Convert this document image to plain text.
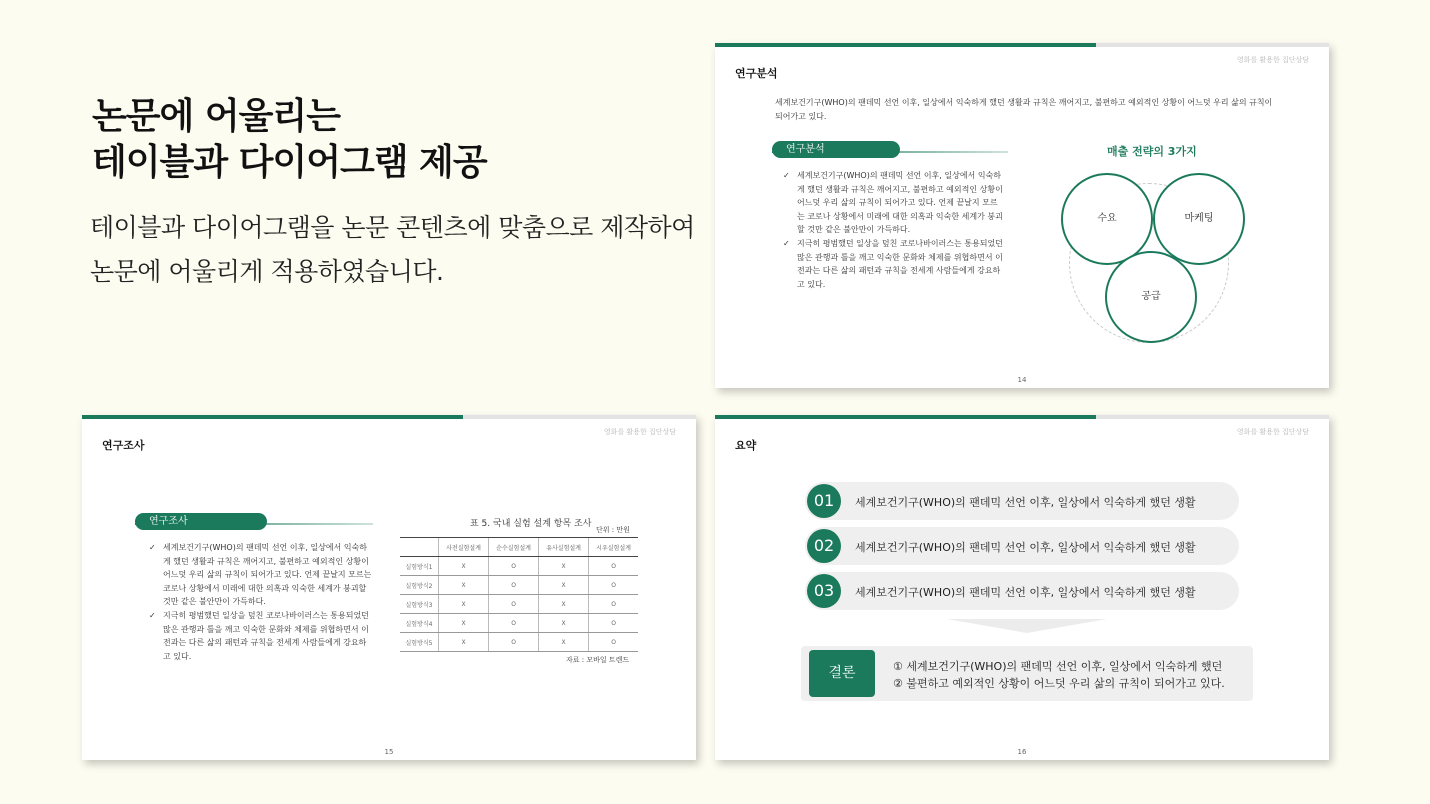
논문에 어울리는
테이블과 다이어그램 제공
테이블과 다이어그램을 논문 콘텐츠에 맞춤으로 제작하여 논문에 어울리게 적용하였습니다.
영화를 활용한 집단상담
연구분석
세계보건기구(WHO)의 팬데믹 선언 이후, 일상에서 익숙하게 했던 생활과 규칙은 깨어지고, 불편하고 예외적인 상황이 어느덧 우리 삶의 규칙이 되어가고 있다.
연구분석
✓ 세계보건기구(WHO)의 팬데믹 선언 이후, 일상에서 익숙하게 했던 생활과 규칙은 깨어지고, 불편하고 예외적인 상황이 어느덧 우리 삶의 규칙이 되어가고 있다. 언제 끝날지 모르는 코로나 상황에서 미래에 대한 의혹과 익숙한 세계가 붕괴할 것만 같은 불안만이 가득하다.
✓ 지극히 평범했던 일상을 덮친 코로나바이러스는 통용되었던 많은 관행과 틀을 깨고 익숙한 문화와 체제를 위협하면서 이전과는 다른 삶의 패턴과 규칙을 전세계 사람들에게 강요하고 있다.
매출 전략의 3가지
수요	마케팅
공급
14
영화를 활용한 집단상담
연구조사
연구조사
✓ 세계보건기구(WHO)의 팬데믹 선언 이후, 일상에서 익숙하게 했던 생활과 규칙은 깨어지고, 불편하고 예외적인 상황이 어느덧 우리 삶의 규칙이 되어가고 있다. 언제 끝날지 모르는 코로나 상황에서 미래에 대한 의혹과 익숙한 세계가 붕괴할 것만 같은 불안만이 가득하다.
✓ 지극히 평범했던 일상을 덮친 코로나바이러스는 통용되었던 많은 관행과 틀을 깨고 익숙한 문화와 체제를 위협하면서 이전과는 다른 삶의 패턴과 규칙을 전세계 사람들에게 강요하고 있다.
표 5. 국내 실험 설계 항목 조사
단위 : 만원
	사전실험설계	순수실험설계	유사실험설계	시우실험설계
실험방식1	X	O	X	O
실험방식2	X	O	X	O
실험방식3	X	O	X	O
실험방식4	X	O	X	O
실험방식5	X	O	X	O
자료 : 모바일 트렌드
15
영화를 활용한 집단상담
요약
01	세계보건기구(WHO)의 팬데믹 선언 이후, 일상에서 익숙하게 했던 생활
02	세계보건기구(WHO)의 팬데믹 선언 이후, 일상에서 익숙하게 했던 생활
03	세계보건기구(WHO)의 팬데믹 선언 이후, 일상에서 익숙하게 했던 생활
결론	① 세계보건기구(WHO)의 팬데믹 선언 이후, 일상에서 익숙하게 했던
② 불편하고 예외적인 상황이 어느덧 우리 삶의 규칙이 되어가고 있다.
16
